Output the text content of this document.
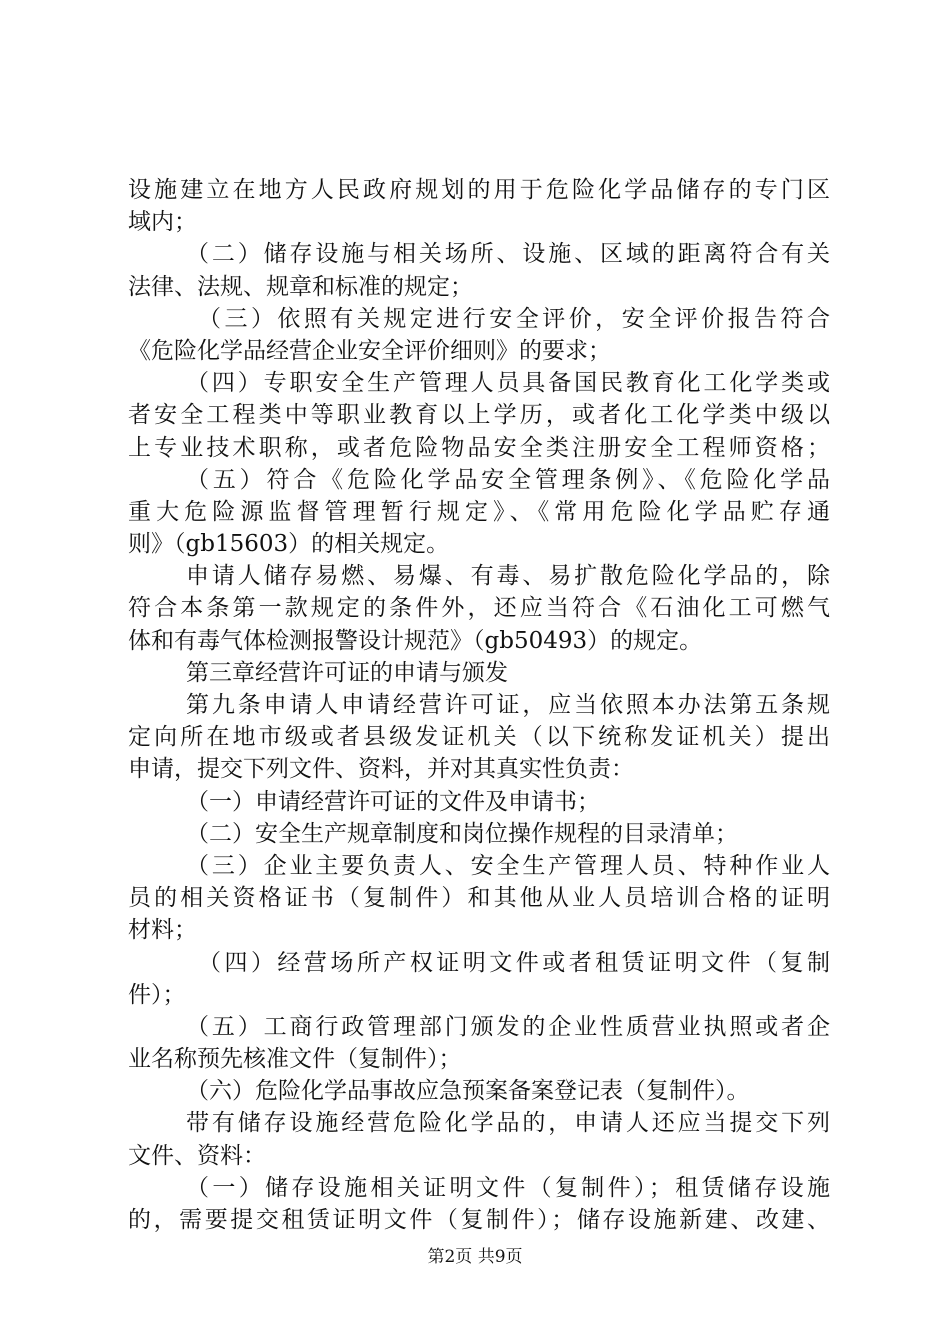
设施建立在地方人民政府规划的用于危险化学品储存的专门区
域内；
（二）储存设施与相关场所、设施、区域的距离符合有关
法律、法规、规章和标准的规定；
（三）依照有关规定进行安全评价，安全评价报告符合
《危险化学品经营企业安全评价细则》的要求；
（四）专职安全生产管理人员具备国民教育化工化学类或
者安全工程类中等职业教育以上学历，或者化工化学类中级以
上专业技术职称，或者危险物品安全类注册安全工程师资格；
（五）符合《危险化学品安全管理条例》、《危险化学品
重大危险源监督管理暂行规定》、《常用危险化学品贮存通
则》（gb15603）的相关规定。
申请人储存易燃、易爆、有毒、易扩散危险化学品的，除
符合本条第一款规定的条件外，还应当符合《石油化工可燃气
体和有毒气体检测报警设计规范》（gb50493）的规定。
第三章经营许可证的申请与颁发
第九条申请人申请经营许可证，应当依照本办法第五条规
定向所在地市级或者县级发证机关（以下统称发证机关）提出
申请，提交下列文件、资料，并对其真实性负责：
（一）申请经营许可证的文件及申请书；
（二）安全生产规章制度和岗位操作规程的目录清单；
（三）企业主要负责人、安全生产管理人员、特种作业人
员的相关资格证书（复制件）和其他从业人员培训合格的证明
材料；
（四）经营场所产权证明文件或者租赁证明文件（复制
件）；
（五）工商行政管理部门颁发的企业性质营业执照或者企
业名称预先核准文件（复制件）；
（六）危险化学品事故应急预案备案登记表（复制件）。
带有储存设施经营危险化学品的，申请人还应当提交下列
文件、资料：
（一）储存设施相关证明文件（复制件）；租赁储存设施
的，需要提交租赁证明文件（复制件）；储存设施新建、改建、
第2页 共9页
